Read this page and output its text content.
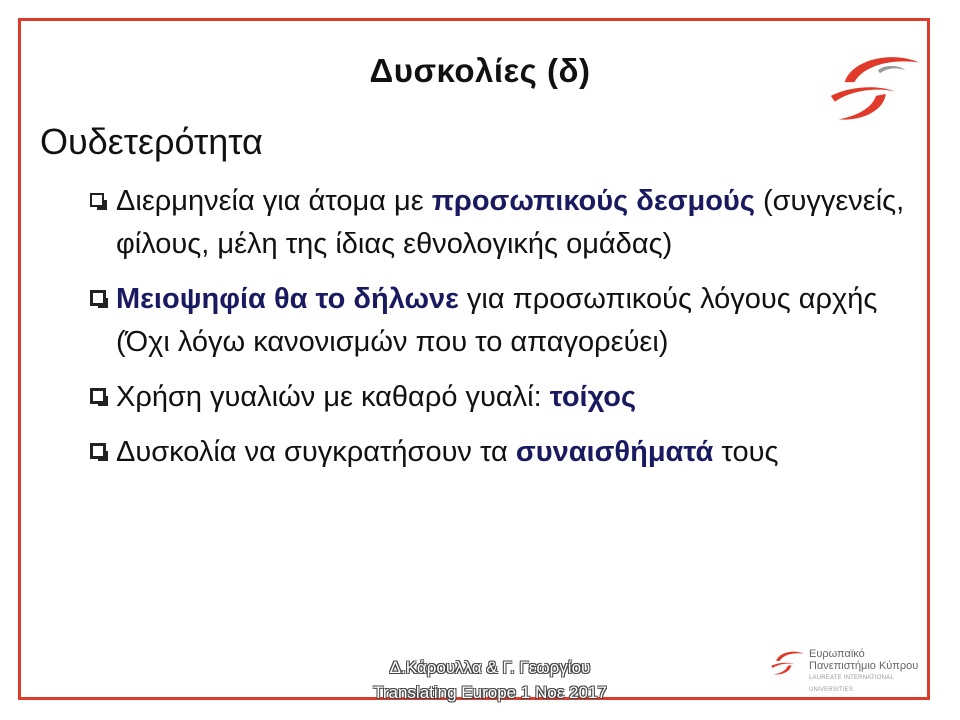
Δυσκολίες (δ)
Ουδετερότητα
Διερμηνεία για άτομα με προσωπικούς δεσμούς (συγγενείς, φίλους, μέλη της ίδιας εθνολογικής ομάδας)
Μειοψηφία θα το δήλωνε για προσωπικούς λόγους αρχής (Όχι λόγω κανονισμών που το απαγορεύει)
Χρήση γυαλιών με καθαρό γυαλί: τοίχος
Δυσκολία να συγκρατήσουν τα συναισθήματά τους
Δ.Κάρουλλα & Γ. Γεωργίου
Translating Europe 1 Noε 2017
Ευρωπαϊκό
Πανεπιστήμιο Κύπρου
LAUREATE INTERNATIONAL UNIVERSITIES
